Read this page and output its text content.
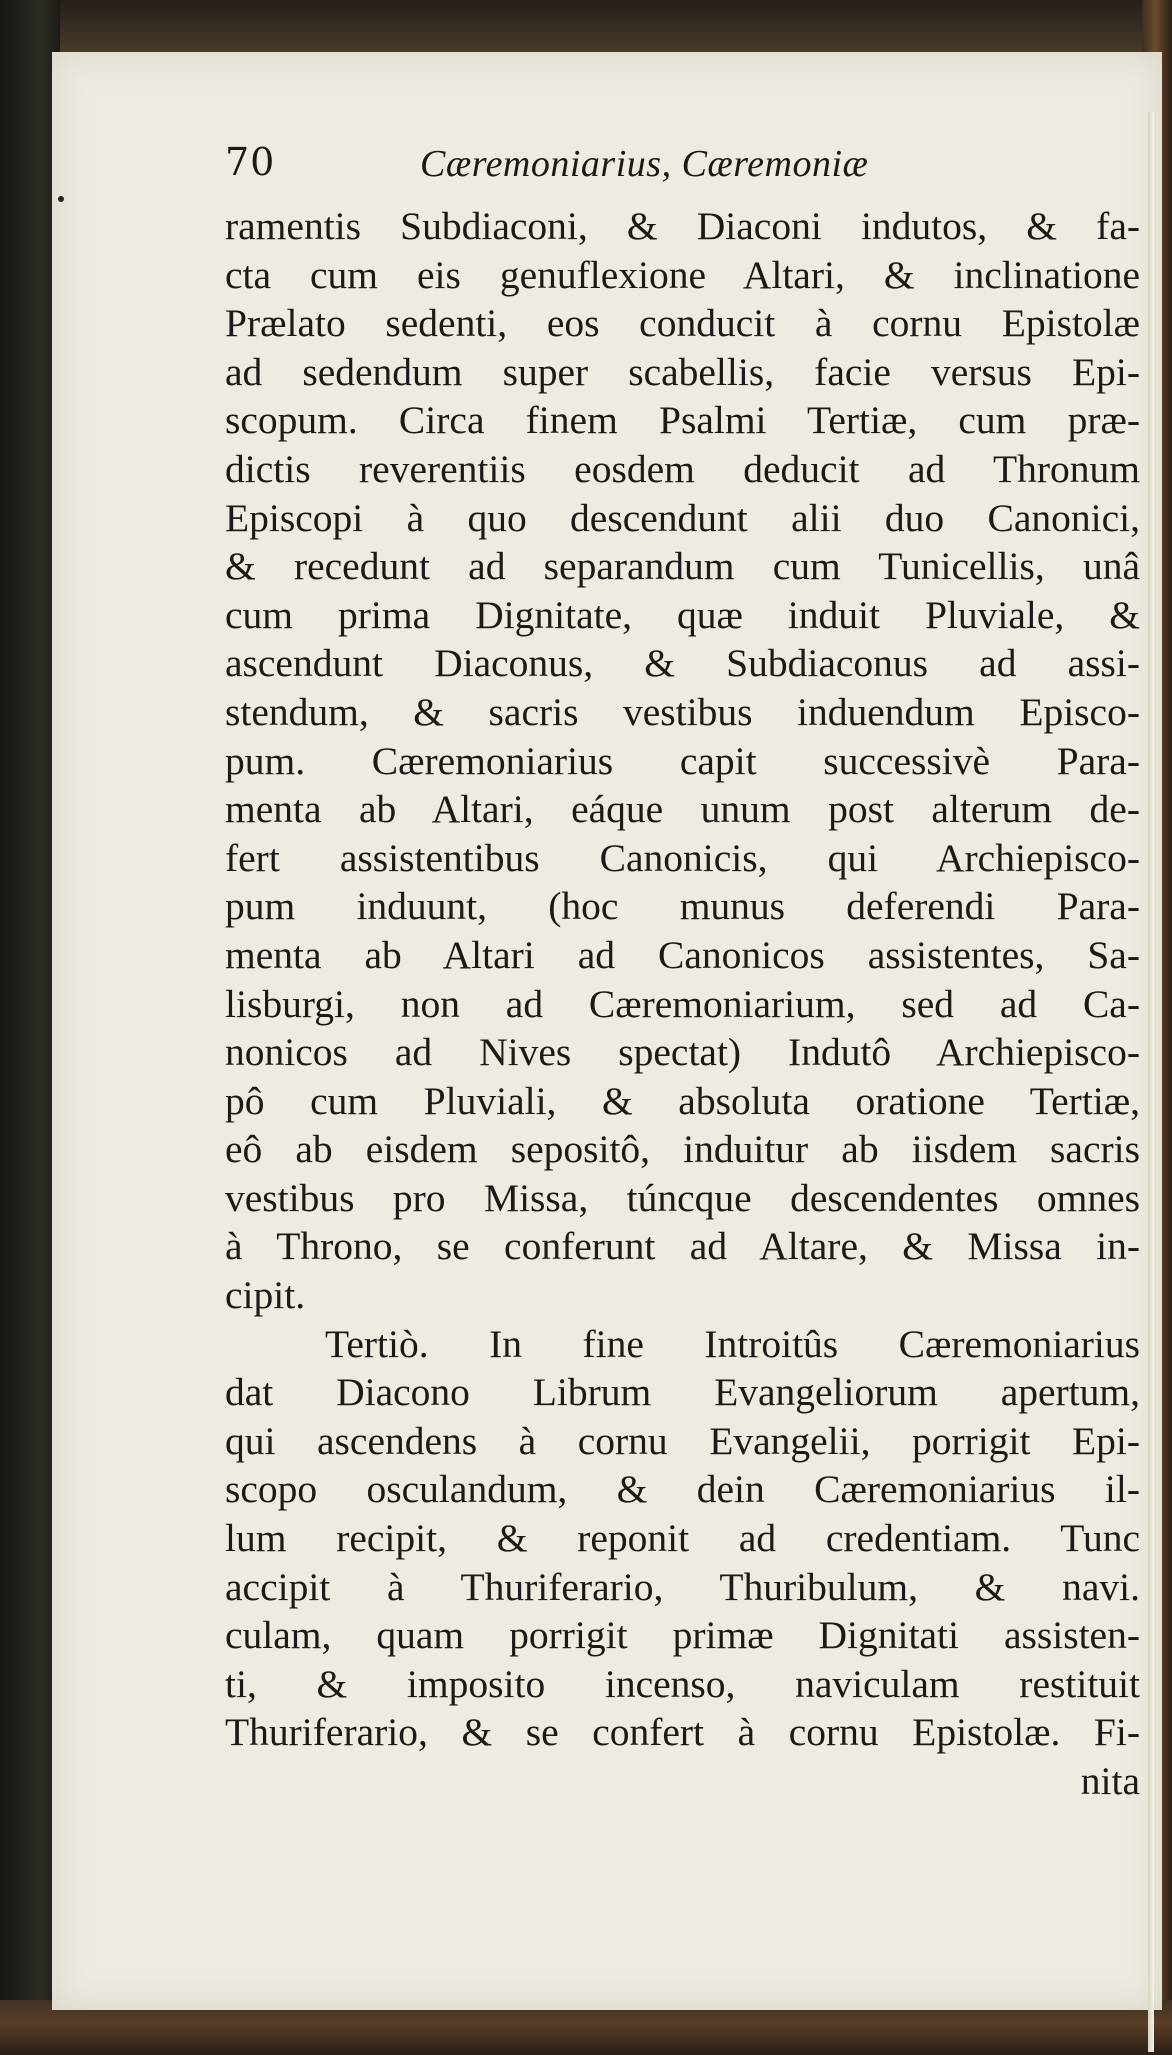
70	Cæremoniarius, Cæremoniæ
ramentis Subdiaconi, & Diaconi indutos, & fa-
cta cum eis genuflexione Altari, & inclinatione
Prælato sedenti, eos conducit à cornu Epistolæ
ad sedendum super scabellis, facie versus Epi-
scopum. Circa finem Psalmi Tertiæ, cum præ-
dictis reverentiis eosdem deducit ad Thronum
Episcopi à quo descendunt alii duo Canonici,
& recedunt ad separandum cum Tunicellis, unâ
cum prima Dignitate, quæ induit Pluviale, &
ascendunt Diaconus, & Subdiaconus ad assi-
stendum, & sacris vestibus induendum Episco-
pum. Cæremoniarius capit successivè Para-
menta ab Altari, eáque unum post alterum de-
fert assistentibus Canonicis, qui Archiepisco-
pum induunt, (hoc munus deferendi Para-
menta ab Altari ad Canonicos assistentes, Sa-
lisburgi, non ad Cæremoniarium, sed ad Ca-
nonicos ad Nives spectat) Indutô Archiepisco-
pô cum Pluviali, & absoluta oratione Tertiæ,
eô ab eisdem sepositô, induitur ab iisdem sacris
vestibus pro Missa, túncque descendentes omnes
à Throno, se conferunt ad Altare, & Missa in-
cipit.
Tertiò. In fine Introitûs Cæremoniarius
dat Diacono Librum Evangeliorum apertum,
qui ascendens à cornu Evangelii, porrigit Epi-
scopo osculandum, & dein Cæremoniarius il-
lum recipit, & reponit ad credentiam. Tunc
accipit à Thuriferario, Thuribulum, & navi.
culam, quam porrigit primæ Dignitati assisten-
ti, & imposito incenso, naviculam restituit
Thuriferario, & se confert à cornu Epistolæ. Fi-
nita
